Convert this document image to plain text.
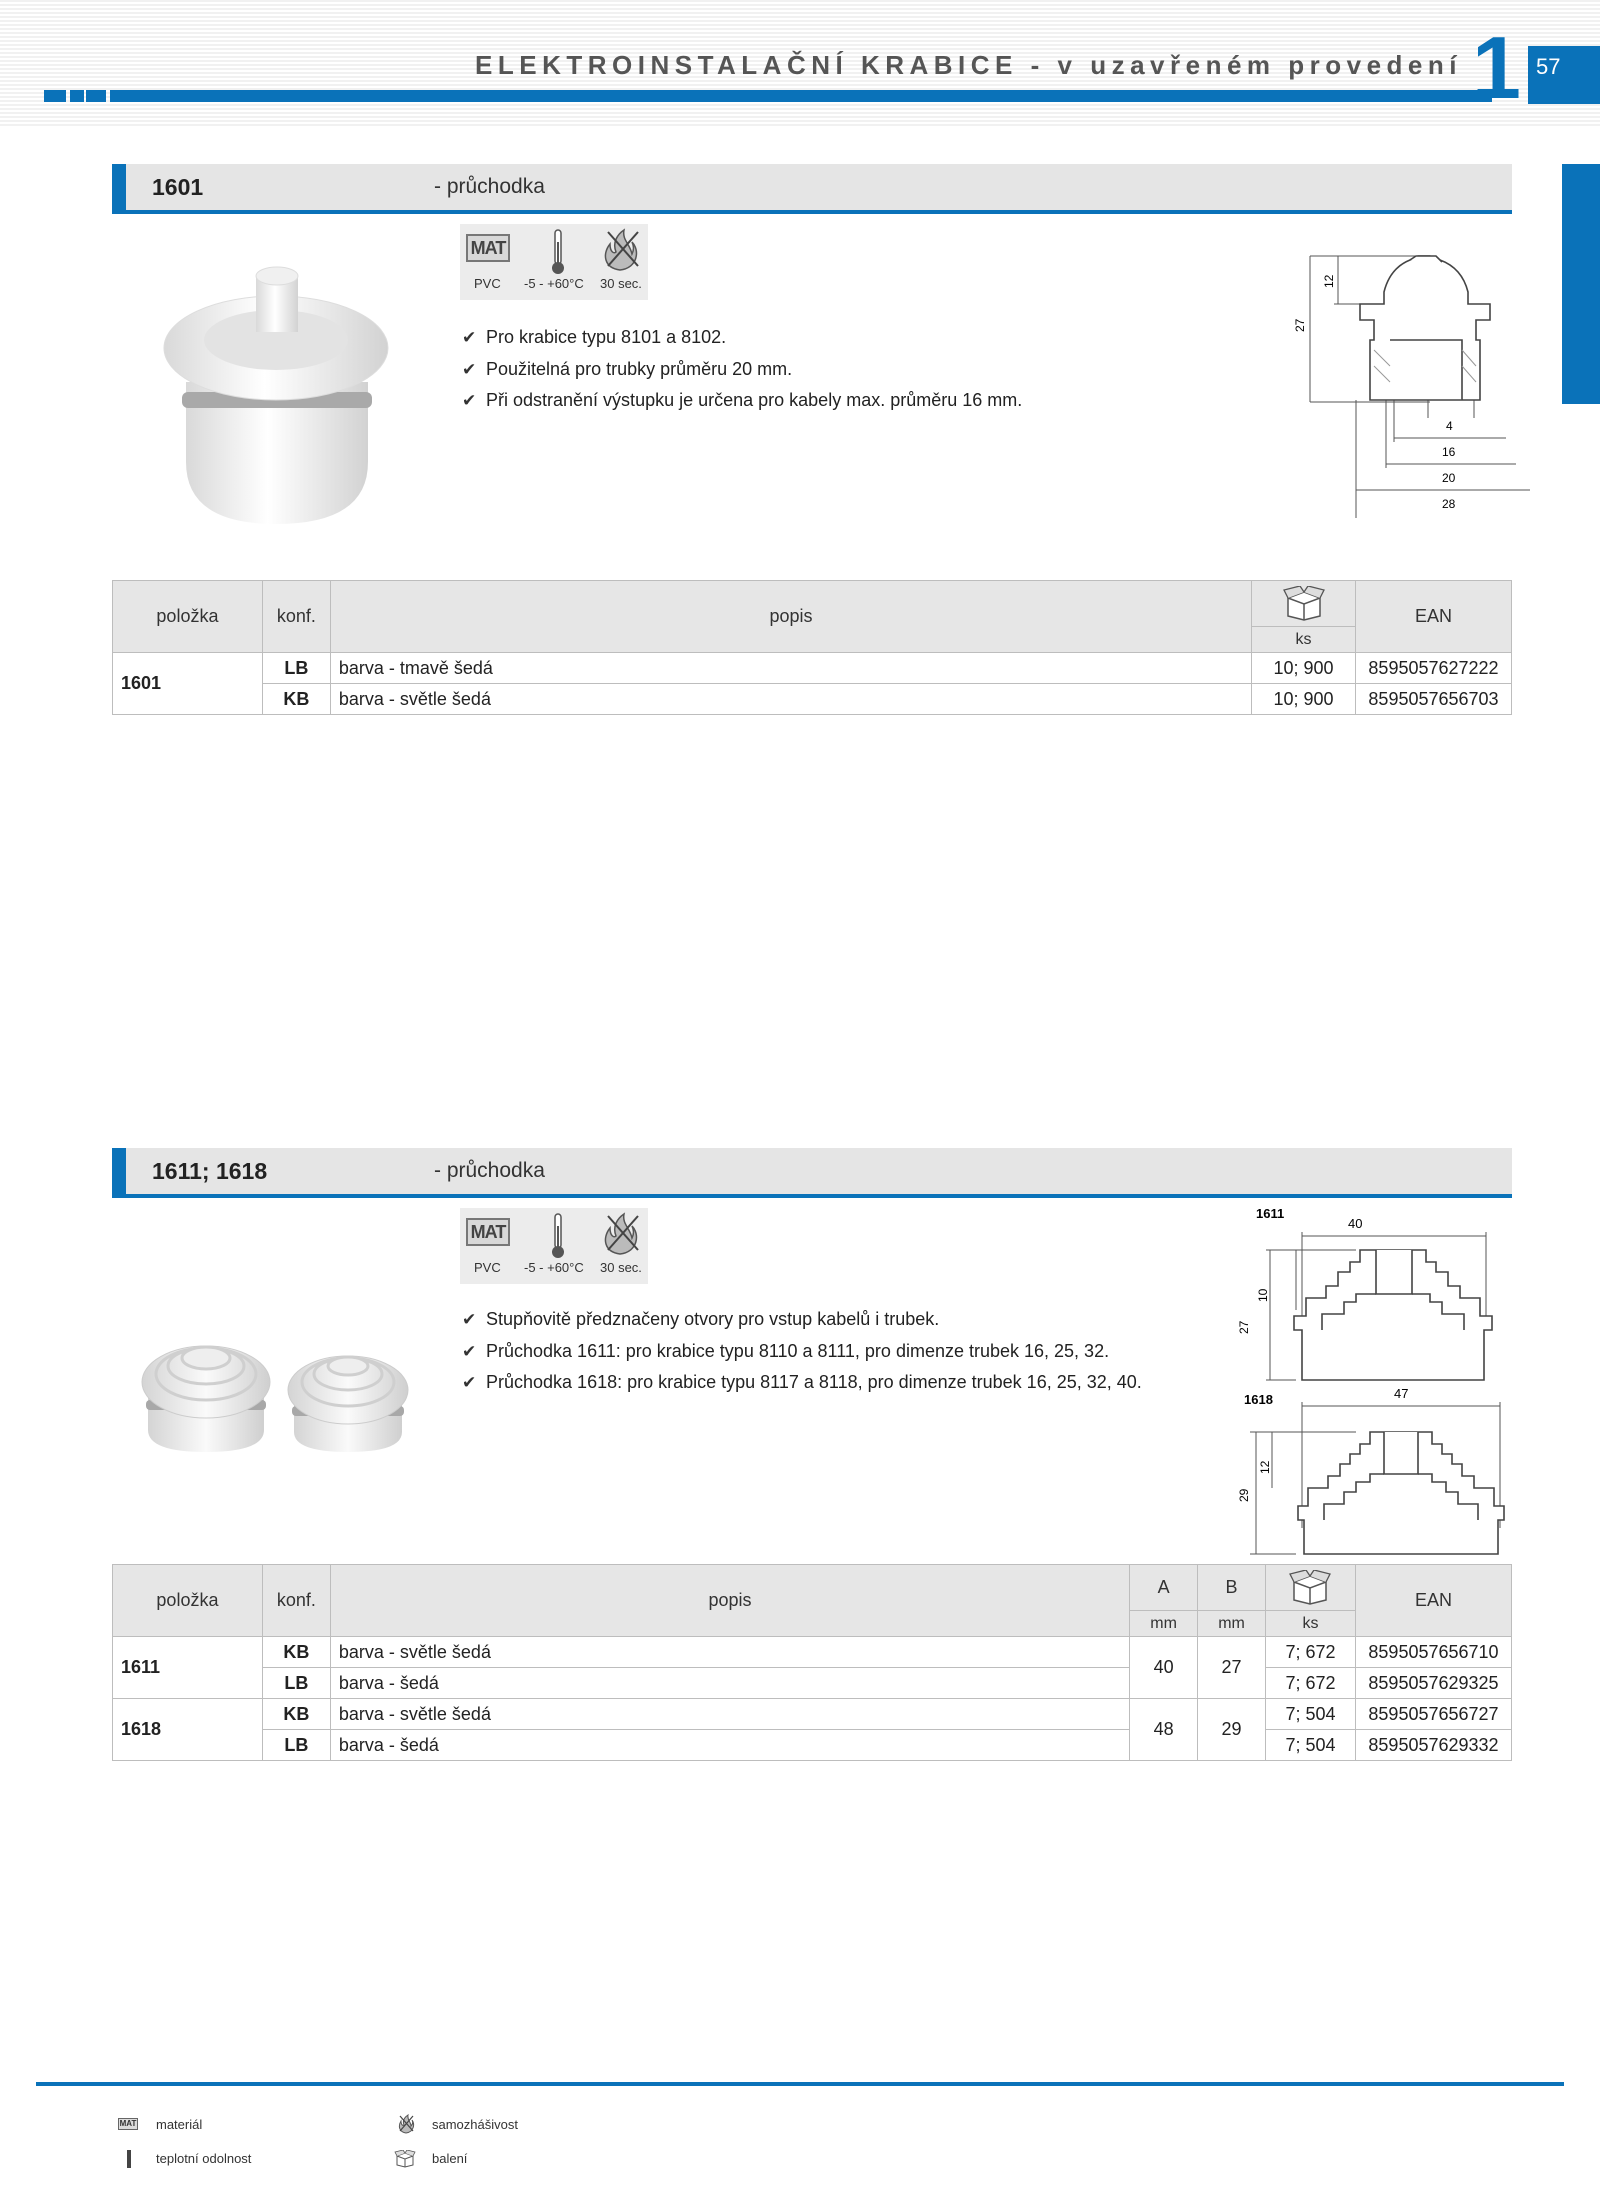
ELEKTROINSTALAČNÍ KRABICE - v uzavřeném provedení 1 57
1601	- průchodka
MAT
PVC -5 - +60°C 30 sec.
✔ Pro krabice typu 8101 a 8102.
✔ Použitelná pro trubky průměru 20 mm.
✔ Při odstranění výstupku je určena pro kabely max. průměru 16 mm.
27
12
4
16
20
28
položka	konf.	popis		EAN
			ks	
1601	LB	barva - tmavě šedá	10; 900	8595057627222
	KB	barva - světle šedá	10; 900	8595057656703
1611; 1618	- průchodka
MAT
PVC -5 - +60°C 30 sec.
✔ Stupňovitě předznačeny otvory pro vstup kabelů i trubek.
✔ Průchodka 1611: pro krabice typu 8110 a 8111, pro dimenze trubek 16, 25, 32.
✔ Průchodka 1618: pro krabice typu 8117 a 8118, pro dimenze trubek 16, 25, 32, 40.
1611
40
10
27
1618	47
12
29
položka	konf.	popis	A	B		EAN
			mm	mm	ks	
1611	KB	barva - světle šedá	40	27	7; 672	8595057656710
	LB	barva - šedá			7; 672	8595057629325
1618	KB	barva - světle šedá	48	29	7; 504	8595057656727
	LB	barva - šedá			7; 504	8595057629332
MAT materiál
teplotní odolnost
samozhášivost
balení
